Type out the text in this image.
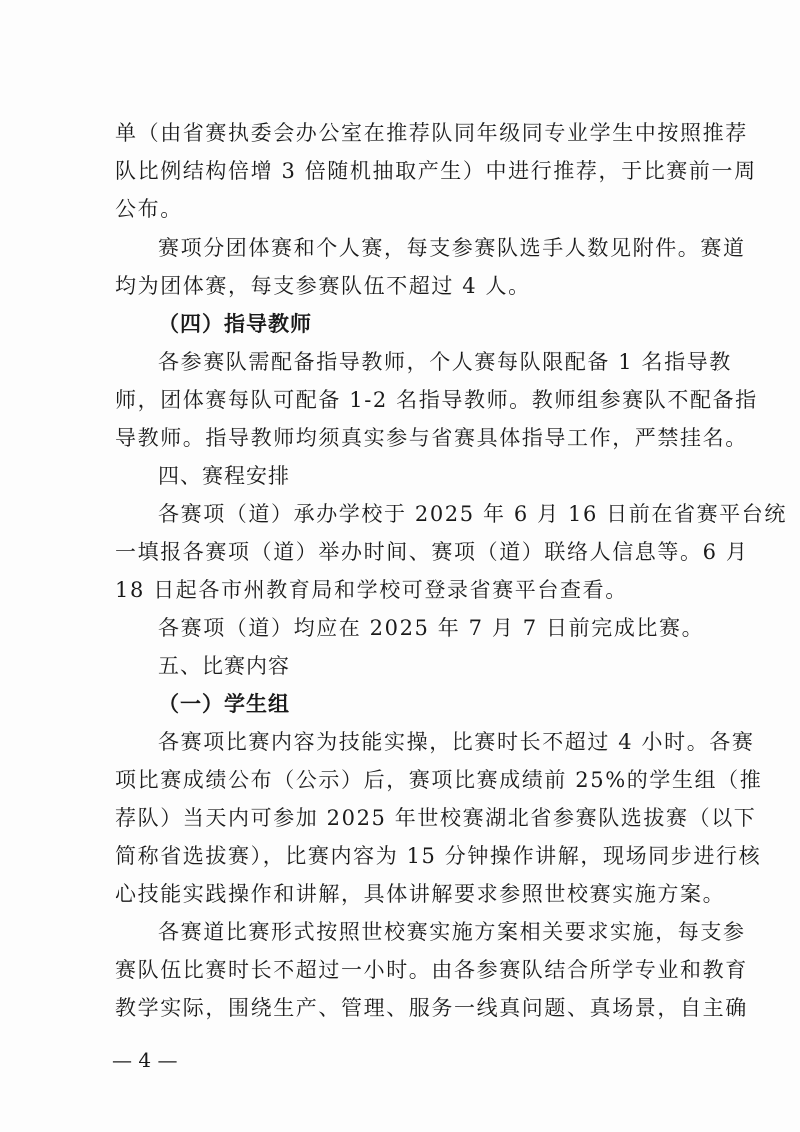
单（由省赛执委会办公室在推荐队同年级同专业学生中按照推荐
队比例结构倍增 3 倍随机抽取产生）中进行推荐，于比赛前一周
公布。
赛项分团体赛和个人赛，每支参赛队选手人数见附件。赛道
均为团体赛，每支参赛队伍不超过 4 人。
（四）指导教师
各参赛队需配备指导教师，个人赛每队限配备 1 名指导教
师，团体赛每队可配备 1-2 名指导教师。教师组参赛队不配备指
导教师。指导教师均须真实参与省赛具体指导工作，严禁挂名。
四、赛程安排
各赛项（道）承办学校于 2025 年 6 月 16 日前在省赛平台统
一填报各赛项（道）举办时间、赛项（道）联络人信息等。6 月
18 日起各市州教育局和学校可登录省赛平台查看。
各赛项（道）均应在 2025 年 7 月 7 日前完成比赛。
五、比赛内容
（一）学生组
各赛项比赛内容为技能实操，比赛时长不超过 4 小时。各赛
项比赛成绩公布（公示）后，赛项比赛成绩前 25%的学生组（推
荐队）当天内可参加 2025 年世校赛湖北省参赛队选拔赛（以下
简称省选拔赛），比赛内容为 15 分钟操作讲解，现场同步进行核
心技能实践操作和讲解，具体讲解要求参照世校赛实施方案。
各赛道比赛形式按照世校赛实施方案相关要求实施，每支参
赛队伍比赛时长不超过一小时。由各参赛队结合所学专业和教育
教学实际，围绕生产、管理、服务一线真问题、真场景，自主确
— 4 —
